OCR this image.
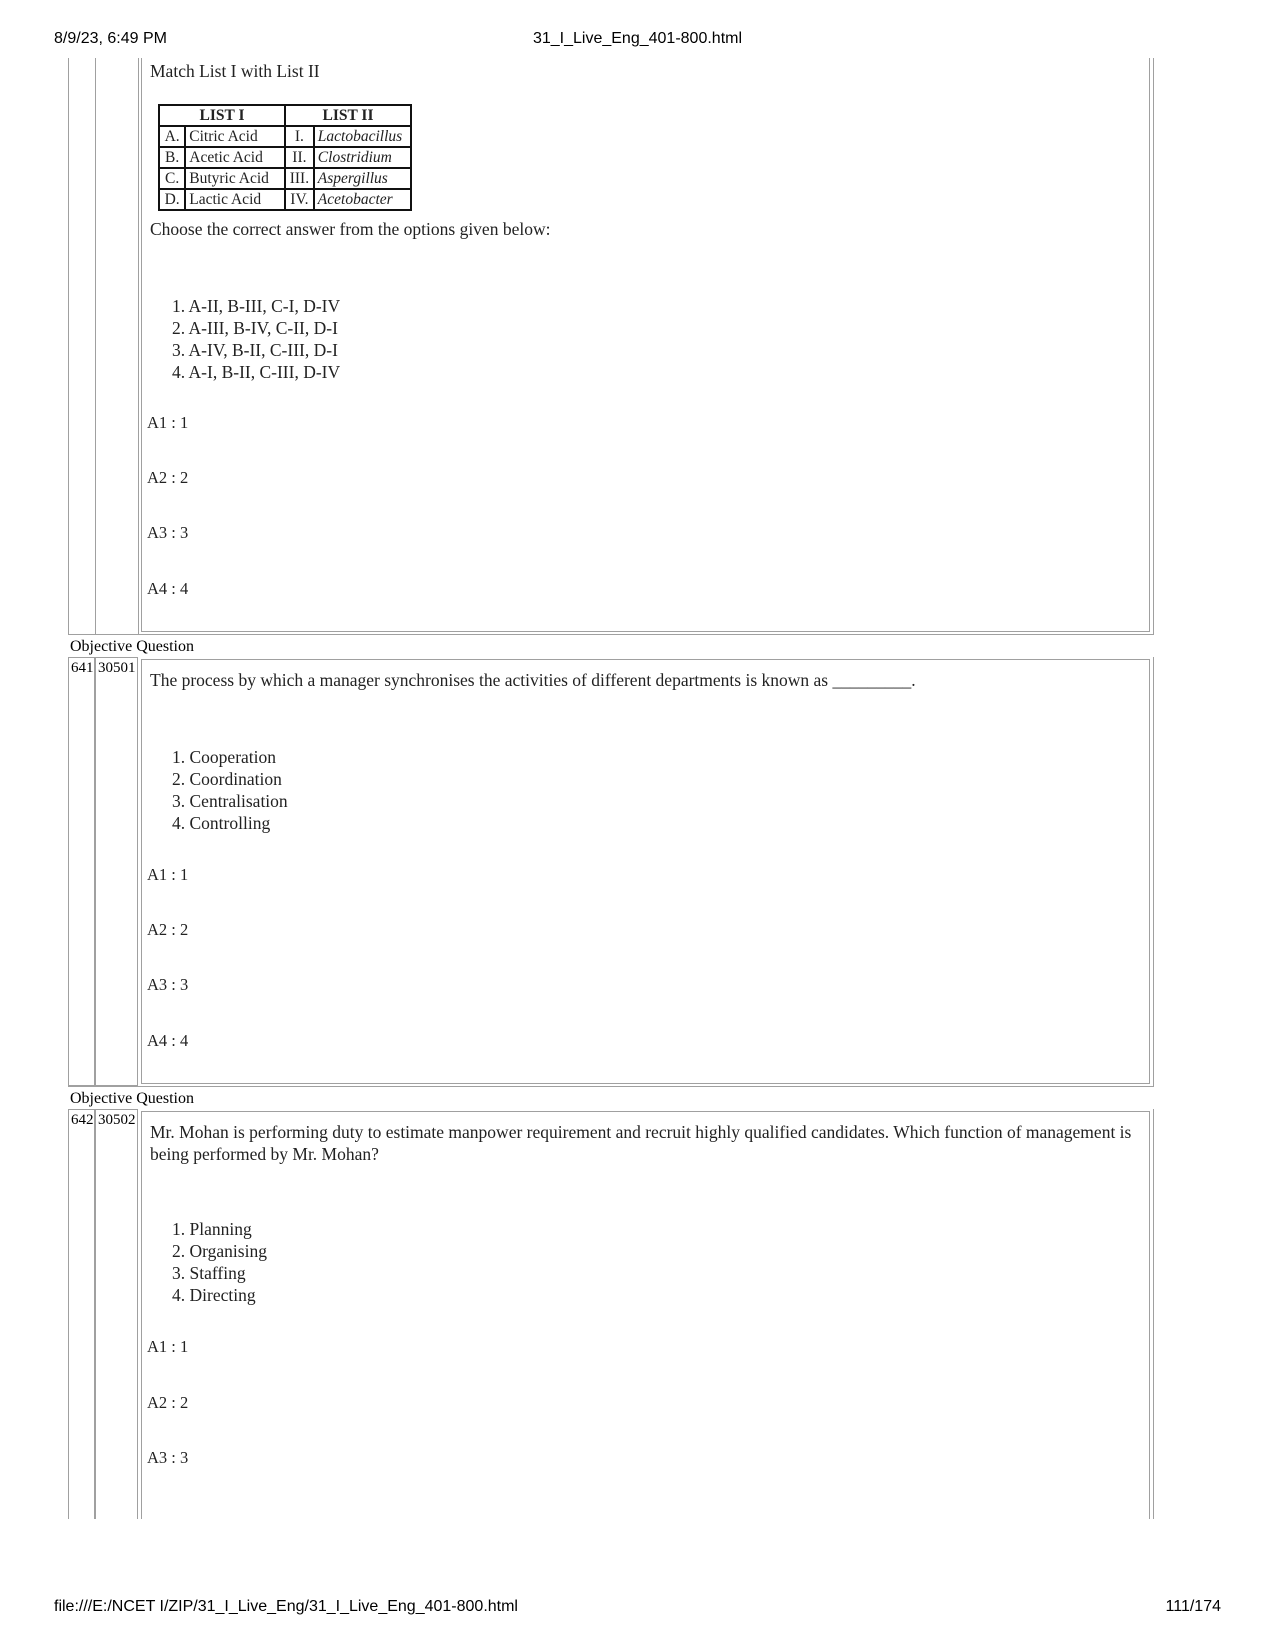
8/9/23, 6:49 PM	31_I_Live_Eng_401-800.html
Match List I with List II
LIST I		LIST II	
A.	Citric Acid	I.	Lactobacillus
B.	Acetic Acid	II.	Clostridium
C.	Butyric Acid	III.	Aspergillus
D.	Lactic Acid	IV.	Acetobacter
Choose the correct answer from the options given below:
1. A-II, B-III, C-I, D-IV
2. A-III, B-IV, C-II, D-I
3. A-IV, B-II, C-III, D-I
4. A-I, B-II, C-III, D-IV
A1 : 1
A2 : 2
A3 : 3
A4 : 4
Objective Question
641 30501
The process by which a manager synchronises the activities of different departments is known as _________.
1. Cooperation
2. Coordination
3. Centralisation
4. Controlling
A1 : 1
A2 : 2
A3 : 3
A4 : 4
Objective Question
642 30502
Mr. Mohan is performing duty to estimate manpower requirement and recruit highly qualified candidates. Which function of management is being performed by Mr. Mohan?
1. Planning
2. Organising
3. Staffing
4. Directing
A1 : 1
A2 : 2
A3 : 3
file:///E:/NCET I/ZIP/31_I_Live_Eng/31_I_Live_Eng_401-800.html	111/174
